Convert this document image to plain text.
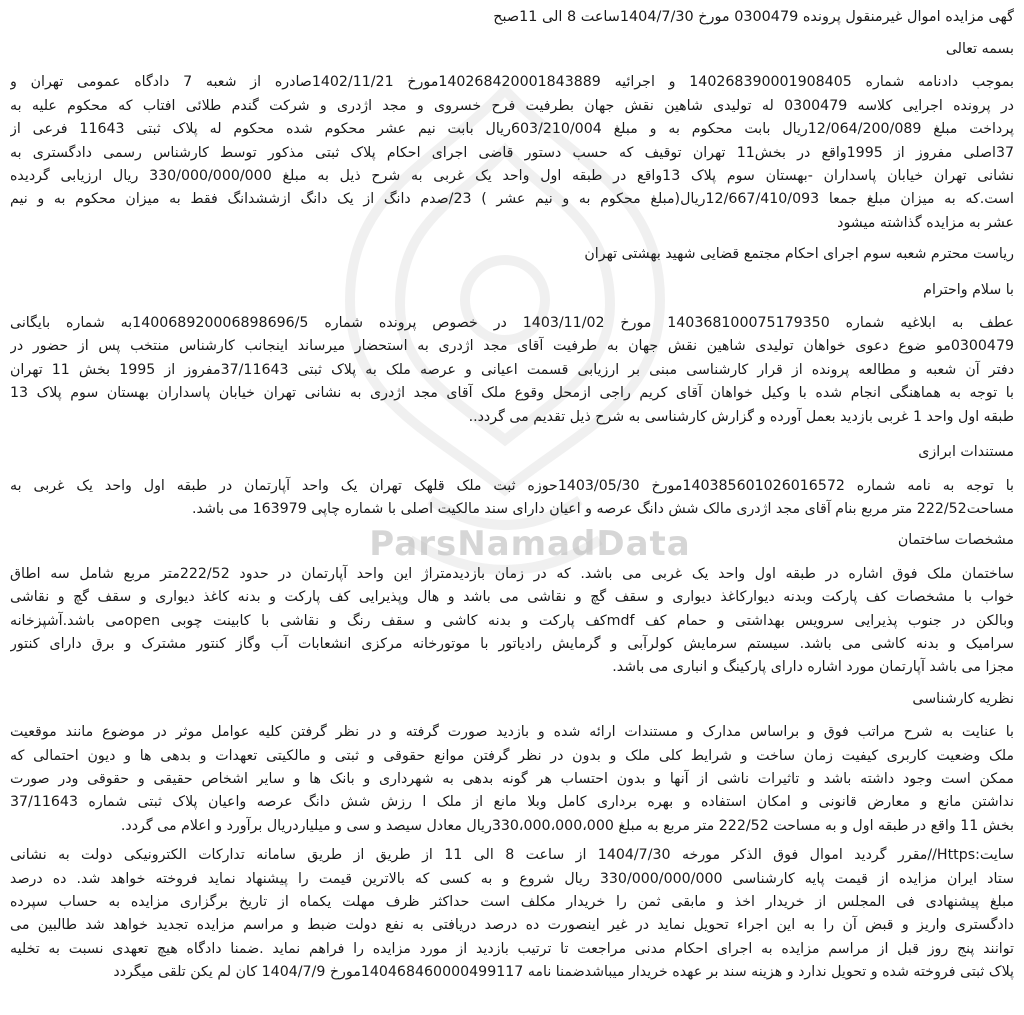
ParsNamadData
گهی مزایده اموال غیرمنقول پرونده 0300479 مورخ 1404/7/30ساعت 8 الی 11صبح
بسمه تعالی
بموجب دادنامه شماره 140268390001908405 و اجرائیه 140268420001843889مورخ 1402/11/21صادره از شعبه 7 دادگاه عمومی تهران و
در پرونده اجرایی کلاسه 0300479 له تولیدی شاهین نقش جهان بطرفیت فرح خسروی و مجد اژدری و شرکت گندم طلائی افتاب که محکوم علیه به
پرداخت مبلغ 12/064/200/089ریال بابت محکوم به و مبلغ 603/210/004ریال بابت نیم عشر محکوم شده محکوم له پلاک ثبتی 11643 فرعی از
37اصلی مفروز از 1995واقع در بخش11 تهران توقیف که حسب دستور قاضی اجرای احکام پلاک ثبتی مذکور توسط کارشناس رسمی دادگستری به
نشانی تهران خیابان پاسداران -بهستان سوم پلاک 13واقع در طبقه اول واحد یک غربی به شرح ذیل به مبلغ 330/000/000/000 ریال ارزیابی گردیده
است.که به میزان مبلغ جمعا 12/667/410/093ریال(مبلغ محکوم به و نیم عشر ) 23/صدم دانگ از یک دانگ ازششدانگ فقط به میزان محکوم به و نیم
عشر به مزایده گذاشته میشود
ریاست محترم شعبه سوم اجرای احکام مجتمع قضایی شهید بهشتی تهران
با سلام واحترام
عطف به ابلاغیه شماره 140368100075179350 مورخ 1403/11/02 در خصوص پرونده شماره 140068920006898696/5به شماره بایگانی
0300479مو ضوع دعوی خواهان تولیدی شاهین نقش جهان به طرفیت آقای مجد اژدری به استحضار میرساند اینجانب کارشناس منتخب پس از حضور در
دفتر آن شعبه و مطالعه پرونده از قرار کارشناسی مبنی بر ارزیابی قسمت اعیانی و عرصه ملک به پلاک ثبتی 37/11643مفروز از 1995 بخش 11 تهران
با توجه به هماهنگی انجام شده با وکیل خواهان آقای کریم راجی ازمحل وقوع ملک آقای مجد اژدری به نشانی تهران خیابان پاسداران بهستان سوم پلاک 13
طبقه اول واحد 1 غربی بازدید بعمل آورده و گزارش کارشناسی به شرح ذیل تقدیم می گردد..
مستندات ابرازی
با توجه به نامه شماره 140385601026016572مورخ 1403/05/30حوزه ثبت ملک قلهک تهران یک واحد آپارتمان در طبقه اول واحد یک غربی به
مساحت222/52 متر مربع بنام آقای مجد اژدری مالک شش دانگ عرصه و اعیان دارای سند مالکیت اصلی با شماره چاپی 163979 می باشد.
مشخصات ساختمان
ساختمان ملک فوق اشاره در طبقه اول واحد یک غربی می باشد. که در زمان بازدیدمتراژ این واحد آپارتمان در حدود 222/52متر مربع شامل سه اطاق
خواب با مشخصات کف پارکت وبدنه دیوارکاغذ دیواری و سقف گچ و نقاشی می باشد و هال وپذیرایی کف پارکت و بدنه کاغذ دیواری و سقف گچ و نقاشی
وبالکن در جنوب پذیرایی سرویس بهداشتی و حمام کف mdfکف پارکت و بدنه کاشی و سقف رنگ و نقاشی با کابینت چوبی openمی باشد.آشپزخانه
سرامیک و بدنه کاشی می باشد. سیستم سرمایش کولرآبی و گرمایش رادیاتور با موتورخانه مرکزی انشعابات آب وگاز کنتور مشترک و برق دارای کنتور
مجزا می باشد آپارتمان مورد اشاره دارای پارکینگ و انباری می باشد.
نظریه کارشناسی
با عنایت به شرح مراتب فوق و براساس مدارک و مستندات ارائه شده و بازدید صورت گرفته و در نظر گرفتن کلیه عوامل موثر در موضوع مانند موقعیت
ملک وضعیت کاربری کیفیت زمان ساخت و شرایط کلی ملک و بدون در نظر گرفتن موانع حقوقی و ثبتی و مالکیتی تعهدات و بدهی ها و دیون احتمالی که
ممکن است وجود داشته باشد و تاثیرات ناشی از آنها و بدون احتساب هر گونه بدهی به شهرداری و بانک ها و سایر اشخاص حقیقی و حقوقی ودر صورت
نداشتن مانع و معارض قانونی و امکان استفاده و بهره برداری کامل وبلا مانع از ملک ا رزش شش دانگ عرصه واعیان پلاک ثبتی شماره 37/11643
بخش 11 واقع در طبقه اول و به مساحت 222/52 متر مربع به مبلغ 330،000،000،000ریال معادل سیصد و سی و میلیاردریال برآورد و اعلام می گردد.
سایت:Https//مقرر گردید اموال فوق الذکر مورخه 1404/7/30 از ساعت 8 الی 11 از طریق از طریق سامانه تدارکات الکترونیکی دولت به نشانی
ستاد ایران مزایده از قیمت پایه کارشناسی 330/000/000/000 ریال شروع و به کسی که بالاترین قیمت را پیشنهاد نماید فروخته خواهد شد. ده درصد
مبلغ پیشنهادی فی المجلس از خریدار اخذ و مابقی ثمن را خریدار مکلف است حداکثر ظرف مهلت یکماه از تاریخ برگزاری مزایده به حساب سپرده
دادگستری واریز و قبض آن را به این اجراء تحویل نماید در غیر اینصورت ده درصد دریافتی به نفع دولت ضبط و مراسم مزایده تجدید خواهد شد طالبین می
توانند پنج روز قبل از مراسم مزایده به اجرای احکام مدنی مراجعت تا ترتیب بازدید از مورد مزایده را فراهم نماید .ضمنا دادگاه هیچ تعهدی نسبت به تخلیه
پلاک ثبتی فروخته شده و تحویل ندارد و هزینه سند بر عهده خریدار میباشدضمنا نامه 140468460000499117مورخ 1404/7/9 کان لم یکن تلقی میگردد
